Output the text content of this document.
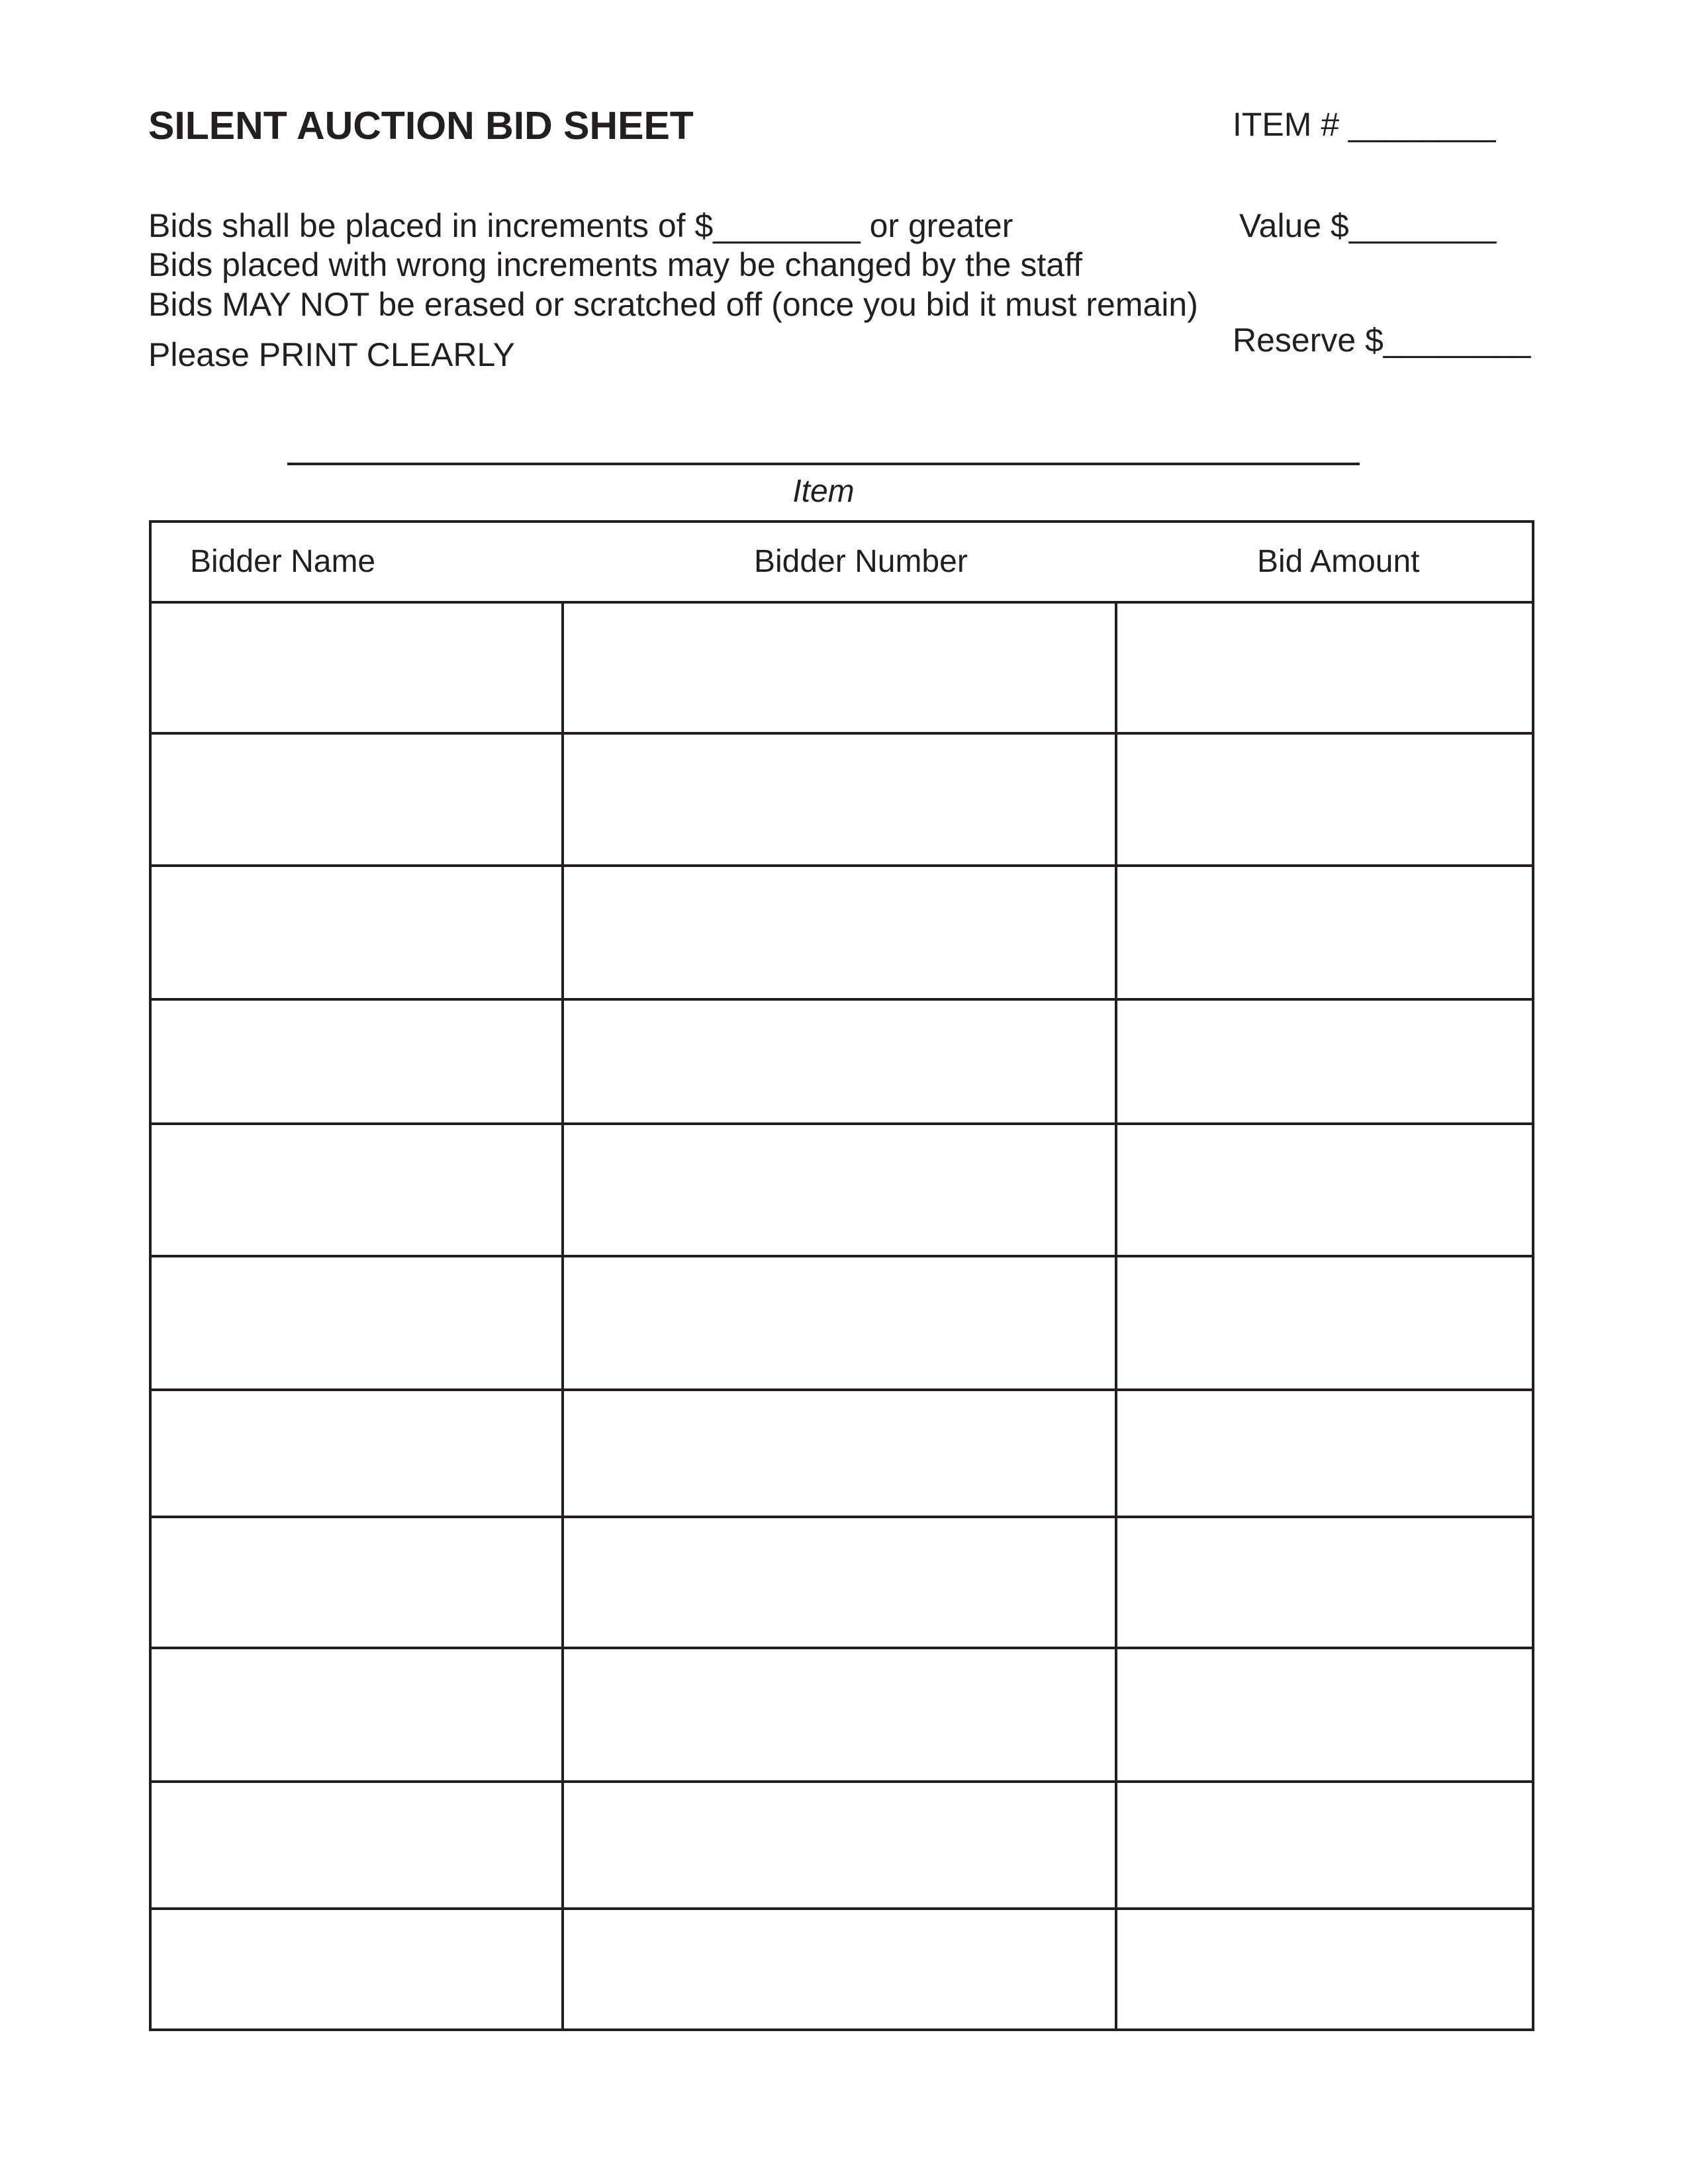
SILENT AUCTION BID SHEET	ITEM # ________
Bids shall be placed in increments of $________ or greater
Bids placed with wrong increments may be changed by the staff
Bids MAY NOT be erased or scratched off (once you bid it must remain)
Please PRINT CLEARLY
Value $________
Reserve $________
Item
Bidder Name	Bidder Number	Bid Amount
